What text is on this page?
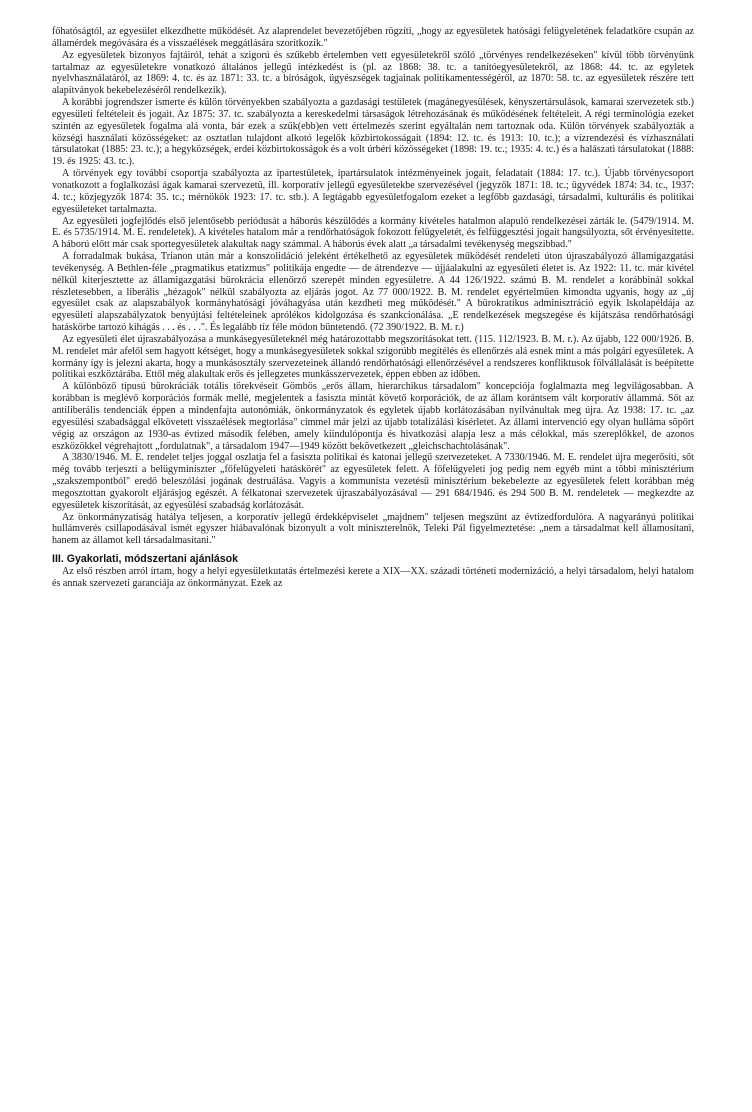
főhatóságtól, az egyesület elkezdhette működését. Az alaprendelet bevezetőjében rögzíti, „hogy az egyesületek hatósági felügyeletének feladatköre csupán az államérdek megóvására és a visszaélések meggátlására szorítkozik."

Az egyesületek bizonyos fajtáiról, tehát a szigorú és szűkebb értelemben vett egyesületekről szóló „törvényes rendelkezéseken" kívül több törvényünk tartalmaz az egyesületekre vonatkozó általános jellegű intézkedést is (pl. az 1868: 38. tc. a tanítóegyesületekről, az 1868: 44. tc. az egyletek nyelvhasználatáról, az 1869: 4. tc. és az 1871: 33. tc. a bíróságok, ügyészségek tagjainak politikamentességéről, az 1870: 58. tc. az egyesületek részére tett alapítványok bekebelezéséről rendelkezik).

A korábbi jogrendszer ismerte és külön törvényekben szabályozta a gazdasági testületek (magánegyesülések, kényszertársulások, kamarai szervezetek stb.) egyesületi feltételeit és jogait. Az 1875: 37. tc. szabályozta a kereskedelmi társaságok létrehozásának és működésének feltételeit. A régi terminológia ezeket szintén az egyesületek fogalma alá vonta, bár ezek a szűk(ebb)en vett értelmezés szerint egyáltalán nem tartoznak oda. Külön törvények szabályozták a községi használati közösségeket: az osztatlan tulajdont alkotó legelők közbirtokosságait (1894: 12. tc. és 1913: 10. tc.); a vízrendezési és vízhasználati társulatokat (1885: 23. tc.); a hegyközségek, erdei közbirtokosságok és a volt úrbéri közösségeket (1898: 19. tc.; 1935: 4. tc.) és a halászati társulatokat (1888: 19. és 1925: 43. tc.).

A törvények egy további csoportja szabályozta az ipartestületek, ipartársulatok intézményeinek jogait, feladatait (1884: 17. tc.). Újabb törvénycsoport vonatkozott a foglalkozási ágak kamarai szervezetű, ill. korporatív jellegű egyesületekbe szervezésével (jegyzők 1871: 18. tc.; ügyvédek 1874: 34. tc., 1937: 4. tc.; közjegyzők 1874: 35. tc.; mérnökök 1923: 17. tc. stb.). A legtágabb egyesületfogalom ezeket a legfőbb gazdasági, társadalmi, kulturális és politikai egyesületeket tartalmazta.

Az egyesületi jogfejlődés első jelentősebb periódusát a háborús készülődés a kormány kivételes hatalmon alapuló rendelkezései zárták le. (5479/1914. M. E. és 5735/1914. M. E. rendeletek). A kivételes hatalom már a rendőrhatóságok fokozott felügyeletét, és felfüggesztési jogait hangsúlyozta, sőt érvényesítette. A háború előtt már csak sportegyesületek alakultak nagy számmal. A háborús évek alatt „a társadalmi tevékenység megszibbad."

A forradalmak bukása, Trianon után már a konszolidáció jeleként értékelhető az egyesületek működését rendeleti úton újraszabályozó államigazgatási tevékenység. A Bethlen-féle „pragmatikus etatizmus" politikája engedte — de átrendezve — újjáalakulni az egyesületi életet is. Az 1922: 11. tc. már kivétel nélkül kiterjesztette az államigazgatási bürokrácia ellenőrző szerepét minden egyesületre. A 44 126/1922. számú B. M. rendelet a korábbinál sokkal részletesebben, a liberális „hézagok" nélkül szabályozta az eljárás jogot. Az 77 000/1922. B. M. rendelet egyértelműen kimondta ugyanis, hogy az „új egyesület csak az alapszabályok kormányhatósági jóváhagyása után kezdheti meg működését." A bürokratikus adminisztráció egyik lskolapéldája az egyesületi alapszabályzatok benyújtási feltételeinek aprólékos kidolgozása és szankcionálása. „E rendelkezések megszegése és kijátszása rendőrhatósági hatáskörbe tartozó kihágás . . . és . . .". És legalább tíz féle módon büntetendő. (72 390/1922. B. M. r.)

Az egyesületi élet újraszabályozása a munkásegyesületeknél még határozottabb megszorításokat tett. (115. 112/1923. B. M. r.). Az újabb, 122 000/1926. B. M. rendelet már afelől sem hagyott kétséget, hogy a munkásegyesületek sokkal szigorúbb megítélés és ellenőrzés alá esnek mint a más polgári egyesületek. A kormány így is jelezni akarta, hogy a munkásosztály szervezeteinek állandó rendőrhatósági ellenőrzésével a rendszeres konfliktusok fölvállalását is beépítette politikai eszköztárába. Ettől még alakultak erős és jellegzetes munkásszervezetek, éppen ebben az időben.

A különböző típusú bürokráciák totális törekvéseit Gömbös „erős állam, hierarchikus társadalom" koncepciója foglalmazta meg legvilágosabban. A korábban is meglévő korporációs formák mellé, megjelentek a fasiszta mintát követő korporációk, de az állam korántsem vált korporatív állammá. Sőt az antiliberális tendenciák éppen a mindenfajta autonómiák, önkormányzatok és egyletek újabb korlátozásában nyilvánultak meg újra. Az 1938: 17. tc. „az egyesülési szabadsággal elkövetett visszaélések megtorlása" címmel már jelzi az újabb totalizálási kísérletet. Az állami intervenció egy olyan hulláma söpört végig az országon az 1930-as évtized második felében, amely kiindulópontja és hivatkozási alapja lesz a más célokkal, más szereplőkkel, de azonos eszközökkel végrehajtott „fordulatnak", a társadalom 1947—1949 között bekövetkezett „gleichschachtolásának".

A 3830/1946. M. E. rendelet teljes joggal oszlatja fel a fasiszta politikai és katonai jellegű szervezeteket. A 7330/1946. M. E. rendelet újra megerősíti, sőt még tovább terjeszti a belügyminiszter „főfelügyeleti hatáskörét" az egyesületek felett. A főfelügyeleti jog pedig nem egyéb mint a többi minisztérium „szakszempontból" eredő beleszólási jogának destruálása. Vagyis a kommunista vezetésű minisztérium bekebelezte az egyesületek felett korábban még megosztottan gyakorolt eljárásjog egészét. A félkatonai szervezetek újraszabályozásával — 291 684/1946. és 294 500 B. M. rendeletek — megkezdte az egyesületek kiszorítását, az egyesülési szabadság korlátozását.

Az önkormányzatiság hatálya teljesen, a korporatív jellegű érdekképviselet „majdnem" teljesen megszűnt az évtizedfordulóra. A nagyarányú politikai hullámverés csillapodásával ismét egyszer hiábavalónak bizonyult a volt miniszterelnök, Teleki Pál figyelmeztetése: „nem a társadalmat kell államosítani, hanem az államot kell társadalmasítani."

III. Gyakorlati, módszertani ajánlások

Az első részben arról írtam, hogy a helyi egyesületkutatás értelmezési kerete a XIX—XX. századi történeti modernizáció, a helyi társadalom, helyi hatalom és annak szervezeti garanciája az önkormányzat. Ezek az
